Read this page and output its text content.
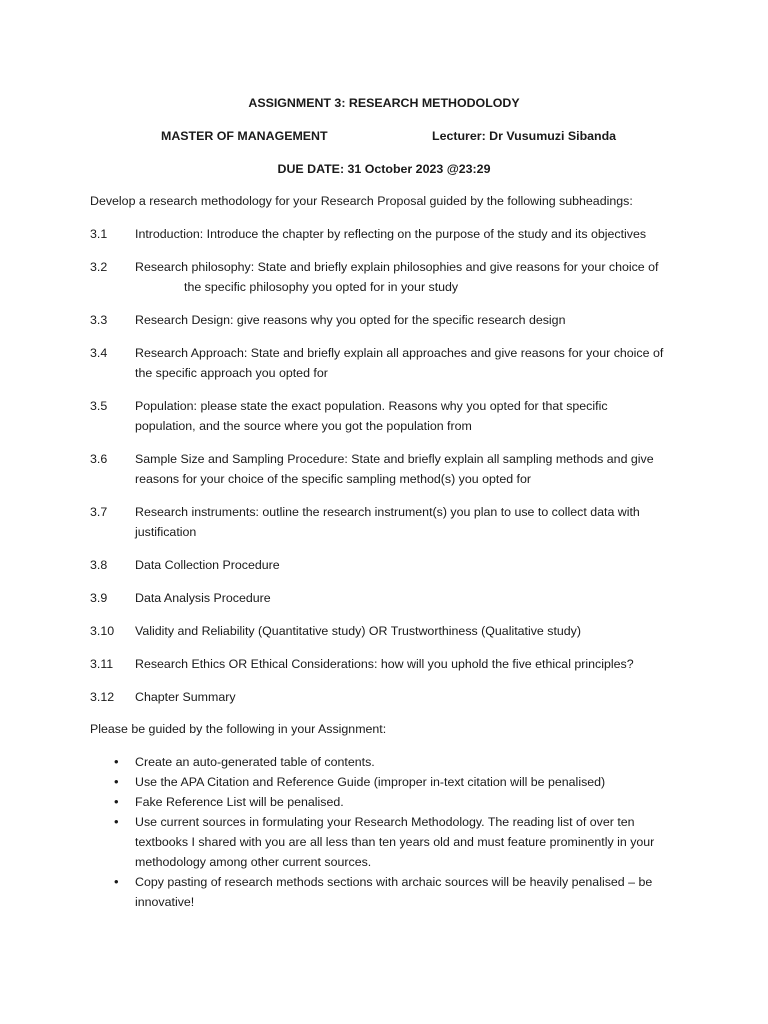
ASSIGNMENT 3: RESEARCH METHODOLODY
MASTER OF MANAGEMENT	Lecturer: Dr Vusumuzi Sibanda
DUE DATE: 31 October 2023 @23:29
Develop a research methodology for your Research Proposal guided by the following subheadings:
3.1	Introduction: Introduce the chapter by reflecting on the purpose of the study and its objectives
3.2	Research philosophy: State and briefly explain philosophies and give reasons for your choice of
the specific philosophy you opted for in your study
3.3	Research Design: give reasons why you opted for the specific research design
3.4	Research Approach: State and briefly explain all approaches and give reasons for your choice of
the specific approach you opted for
3.5	Population: please state the exact population. Reasons why you opted for that specific
population, and the source where you got the population from
3.6	Sample Size and Sampling Procedure: State and briefly explain all sampling methods and give
reasons for your choice of the specific sampling method(s) you opted for
3.7	Research instruments: outline the research instrument(s) you plan to use to collect data with
justification
3.8	Data Collection Procedure
3.9	Data Analysis Procedure
3.10	Validity and Reliability (Quantitative study) OR Trustworthiness (Qualitative study)
3.11	Research Ethics OR Ethical Considerations: how will you uphold the five ethical principles?
3.12	Chapter Summary
Please be guided by the following in your Assignment:
• Create an auto-generated table of contents.
• Use the APA Citation and Reference Guide (improper in-text citation will be penalised)
• Fake Reference List will be penalised.
• Use current sources in formulating your Research Methodology. The reading list of over ten
textbooks I shared with you are all less than ten years old and must feature prominently in your
methodology among other current sources.
• Copy pasting of research methods sections with archaic sources will be heavily penalised – be
innovative!
